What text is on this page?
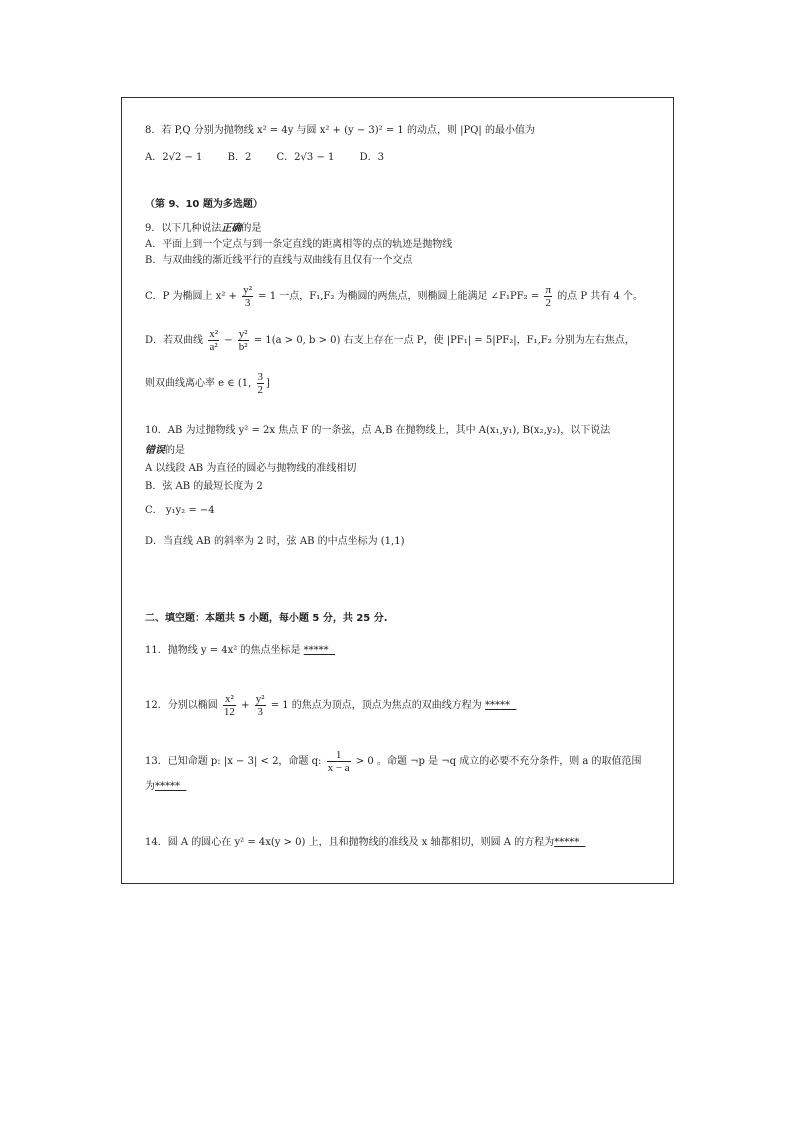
8．若 P,Q 分别为抛物线 x² = 4y 与圆 x² + (y − 3)² = 1 的动点，则 |PQ| 的最小值为
A．2√2 − 1	B．2	C．2√3 − 1	D．3
（第 9、10 题为多选题）
9．以下几种说法正确的是
A．平面上到一个定点与到一条定直线的距离相等的点的轨迹是抛物线
B．与双曲线的渐近线平行的直线与双曲线有且仅有一个交点
C．P 为椭圆上 $x^2 + \frac{\text{y²}}{3} = 1$ 一点，F₁,F₂ 为椭圆的两焦点，则椭圆上能满足 ∠F₁PF₂ = $\frac{\pi}{2}$ 的点 P 共有 4 个。
D．若双曲线 $\frac{\text{x²}}{\text{a²}} - \frac{\text{y²}}{\text{b²}} = 1(a > 0$, b > 0) 右支上存在一点 P，使 |PF₁| = 5|PF₂|，F₁,F₂ 分别为左右焦点，
则双曲线离心率 e ∈ (1, $\frac{3}{2}$ ]
10．AB 为过抛物线 y² = 2x 焦点 F 的一条弦，点 A,B 在抛物线上，其中 A(x₁,y₁), B(x₂,y₂)，以下说法
错误的是
A 以线段 AB 为直径的圆必与抛物线的准线相切
B．弦 AB 的最短长度为 2
C． y₁y₂ = −4
D．当直线 AB 的斜率为 2 时，弦 AB 的中点坐标为 (1,1)
二、填空题：本题共 5 小题，每小题 5 分，共 25 分.
11．抛物线 y = 4x² 的焦点坐标是 *****
12．分别以椭圆 $\frac{\text{x²}}{12} + \frac{\text{y²}}{3} = 1$ 的焦点为顶点，顶点为焦点的双曲线方程为 *****
13．已知命题 p: |x − 3| < 2，命题 q: $\frac{1}{x - a} > 0$ 。命题 ¬p 是 ¬q 成立的必要不充分条件，则 a 的取值范围
为*****
14．圆 A 的圆心在 y² = 4x(y > 0) 上，且和抛物线的准线及 x 轴都相切，则圆 A 的方程为*****
